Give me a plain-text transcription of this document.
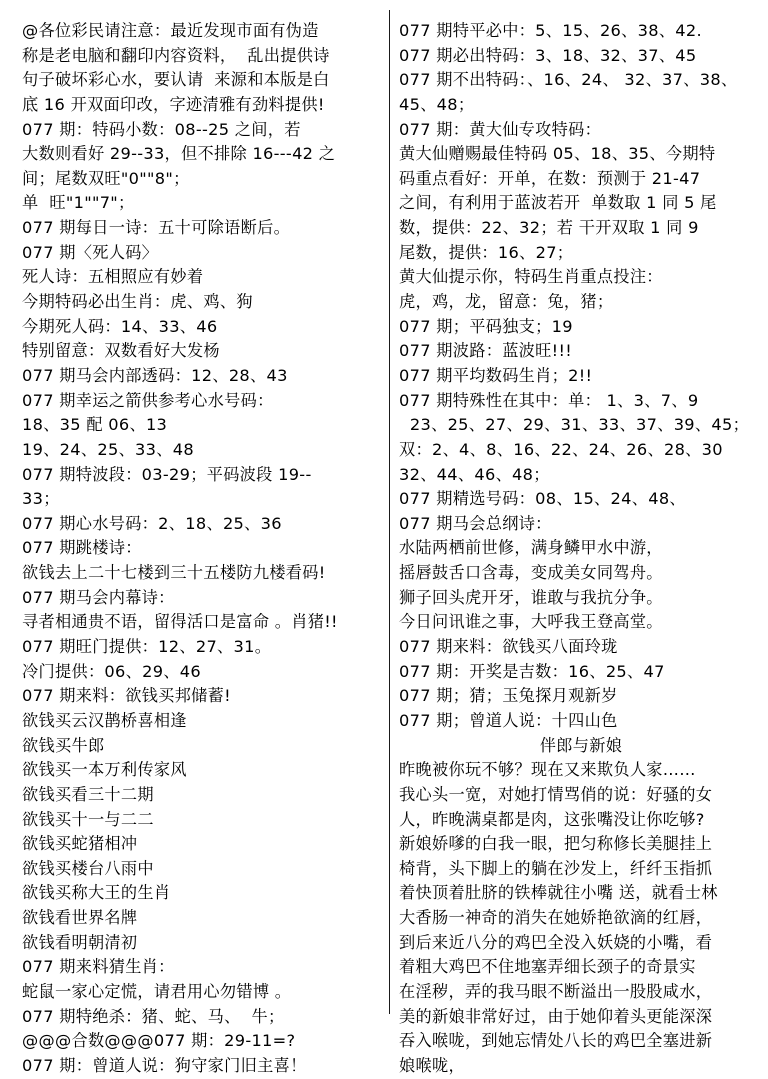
@各位彩民请注意：最近发现市面有伪造
称是老电脑和翻印内容资料，  乱出提供诗
句子破坏彩心水，要认请  来源和本版是白
底 16 开双面印改，字迹清雅有劲料提供!
077 期：特码小数：08--25 之间，若
大数则看好 29--33，但不排除 16---42 之
间；尾数双旺"0""8"；
单  旺"1""7"；
077 期每日一诗：五十可除语断后。
077 期〈死人码〉
死人诗：五相照应有妙着
今期特码必出生肖：虎、鸡、狗
今期死人码：14、33、46
特别留意：双数看好大发杨
077 期马会内部透码：12、28、43
077 期幸运之箭供参考心水号码：
18、35 配 06、13
19、24、25、33、48
077 期特波段：03-29；平码波段 19--
33；
077 期心水号码：2、18、25、36
077 期跳楼诗：
欲钱去上二十七楼到三十五楼防九楼看码!
077 期马会内幕诗：
寻者相通贵不语，留得活口是富命 。肖猪!!
077 期旺门提供：12、27、31。
冷门提供：06、29、46
077 期来料：欲钱买邦储蓄!
欲钱买云汉鹊桥喜相逢
欲钱买牛郎
欲钱买一本万利传家风
欲钱买看三十二期
欲钱买十一与二二
欲钱买蛇猪相冲
欲钱买楼台八雨中
欲钱买称大王的生肖
欲钱看世界名牌
欲钱看明朝清初
077 期来料猜生肖：
蛇鼠一家心定慌，请君用心勿错博 。
077 期特绝杀：猪、蛇、马、  牛；
@@@合数@@@077 期：29-11=?
077 期：曾道人说：狗守家门旧主喜！
077 期特平必中：5、15、26、38、42.
077 期必出特码：3、18、32、37、45
077 期不出特码：、16、24、 32、37、38、
45、48；
077 期：黄大仙专攻特码：
黄大仙赠赐最佳特码 05、18、35、今期特
码重点看好：开单，在数：预测于 21-47
之间，有利用于蓝波若开  单数取 1 同 5 尾
数，提供：22、32；若 干开双取 1 同 9
尾数，提供：16、27；
黄大仙提示你，特码生肖重点投注：
虎，鸡，龙，留意：兔，猪；
077 期；平码独支；19
077 期波路：蓝波旺!!!
077 期平均数码生肖；2!!
077 期特殊性在其中：单： 1、3、7、9
23、25、27、29、31、33、37、39、45；
双：2、4、8、16、22、24、26、28、30
32、44、46、48；
077 期精选号码：08、15、24、48、
077 期马会总纲诗：
水陆两栖前世修，满身鳞甲水中游，
摇唇鼓舌口含毒，变成美女同驾舟。
狮子回头虎开牙，谁敢与我抗分争。
今日问讯谁之事，大呼我王登高堂。
077 期来料：欲钱买八面玲珑
077 期：开奖是吉数：16、25、47
077 期；猜；玉兔探月观新岁
077 期；曾道人说：十四山色
伴郎与新娘
昨晚被你玩不够？现在又来欺负人家……
我心头一宽，对她打情骂俏的说：好骚的女
人，昨晚满桌都是肉，这张嘴没让你吃够?
新娘娇嗲的白我一眼，把匀称修长美腿挂上
椅背，头下脚上的躺在沙发上，纤纤玉指抓
着快顶着肚脐的铁棒就往小嘴 送，就看士林
大香肠一神奇的消失在她娇艳欲滴的红唇，
到后来近八分的鸡巴全没入妖娆的小嘴，看
着粗大鸡巴不住地塞弄细长颈子的奇景实
在淫秽，弄的我马眼不断溢出一股股咸水，
美的新娘非常好过，由于她仰着头更能深深
吞入喉咙，到她忘情处八长的鸡巴全塞进新
娘喉咙，
